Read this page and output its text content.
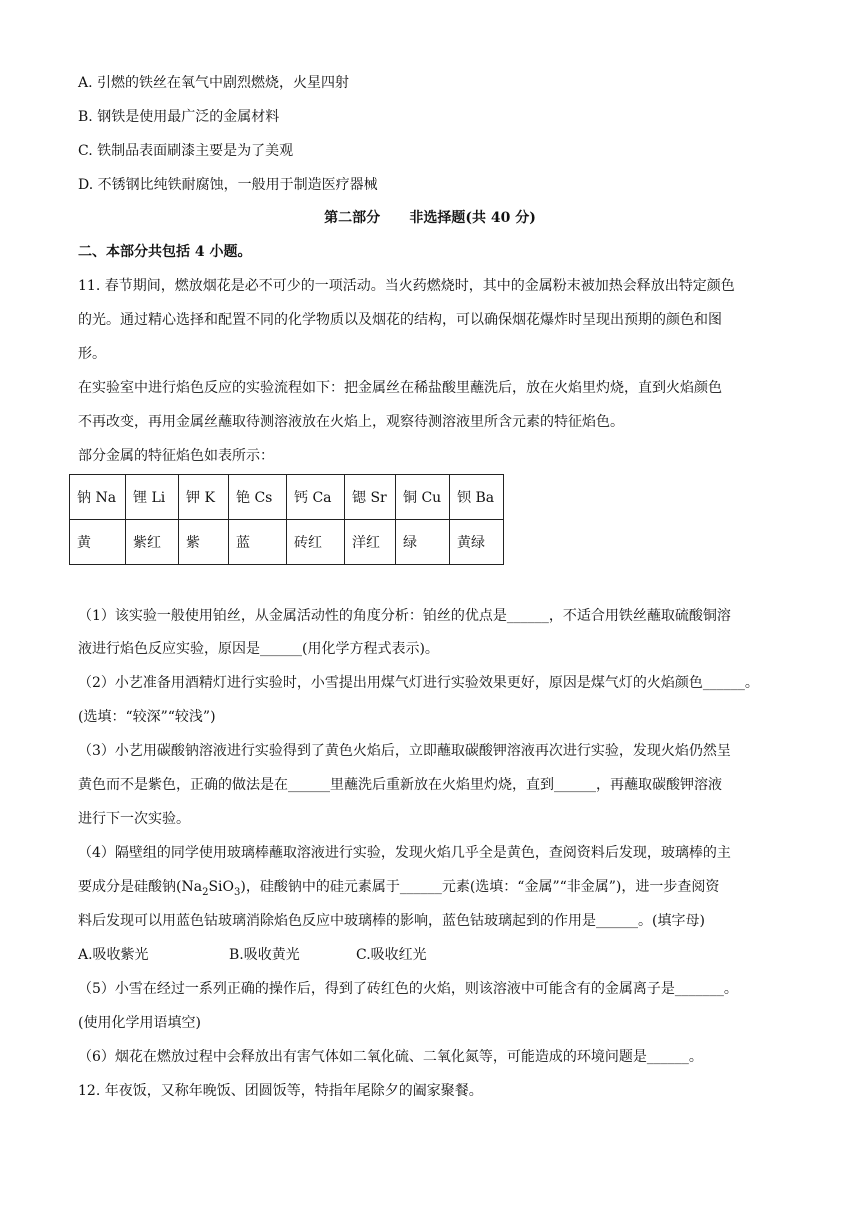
A. 引燃的铁丝在氧气中剧烈燃烧，火星四射
B. 钢铁是使用最广泛的金属材料
C. 铁制品表面刷漆主要是为了美观
D. 不锈钢比纯铁耐腐蚀，一般用于制造医疗器械
第二部分      非选择题(共 40 分)
二、本部分共包括 4 小题。
11. 春节期间，燃放烟花是必不可少的一项活动。当火药燃烧时，其中的金属粉末被加热会释放出特定颜色
的光。通过精心选择和配置不同的化学物质以及烟花的结构，可以确保烟花爆炸时呈现出预期的颜色和图
形。
在实验室中进行焰色反应的实验流程如下：把金属丝在稀盐酸里蘸洗后，放在火焰里灼烧，直到火焰颜色
不再改变，再用金属丝蘸取待测溶液放在火焰上，观察待测溶液里所含元素的特征焰色。
部分金属的特征焰色如表所示：
钠 Na	锂 Li	钾 K	铯 Cs	钙 Ca	锶 Sr	铜 Cu	钡 Ba
黄	紫红	紫	蓝	砖红	洋红	绿	黄绿
（1）该实验一般使用铂丝，从金属活动性的角度分析：铂丝的优点是______，不适合用铁丝蘸取硫酸铜溶
液进行焰色反应实验，原因是______(用化学方程式表示)。
（2）小艺准备用酒精灯进行实验时，小雪提出用煤气灯进行实验效果更好，原因是煤气灯的火焰颜色______。
(选填：“较深”“较浅”)
（3）小艺用碳酸钠溶液进行实验得到了黄色火焰后，立即蘸取碳酸钾溶液再次进行实验，发现火焰仍然呈
黄色而不是紫色，正确的做法是在______里蘸洗后重新放在火焰里灼烧，直到______，再蘸取碳酸钾溶液
进行下一次实验。
（4）隔壁组的同学使用玻璃棒蘸取溶液进行实验，发现火焰几乎全是黄色，查阅资料后发现，玻璃棒的主
要成分是硅酸钠$(Na_2SiO_3)$，硅酸钠中的硅元素属于______元素(选填：“金属”“非金属”)，进一步查阅资
料后发现可以用蓝色钴玻璃消除焰色反应中玻璃棒的影响，蓝色钴玻璃起到的作用是______。(填字母)
A.吸收紫光	B.吸收黄光	C.吸收红光
（5）小雪在经过一系列正确的操作后，得到了砖红色的火焰，则该溶液中可能含有的金属离子是_______。
(使用化学用语填空)
（6）烟花在燃放过程中会释放出有害气体如二氧化硫、二氧化氮等，可能造成的环境问题是______。
12. 年夜饭，又称年晚饭、团圆饭等，特指年尾除夕的阖家聚餐。
